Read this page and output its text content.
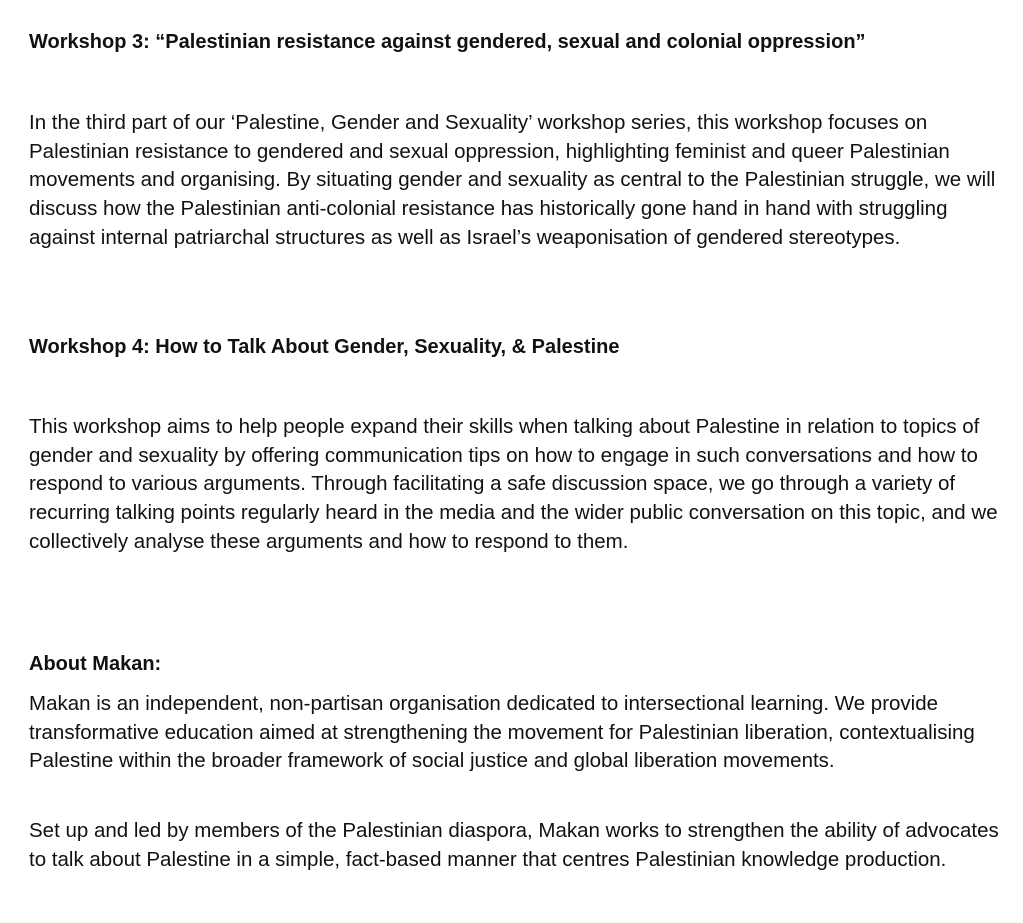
Workshop 3: “Palestinian resistance against gendered, sexual and colonial oppression”

In the third part of our ‘Palestine, Gender and Sexuality’ workshop series, this workshop focuses on Palestinian resistance to gendered and sexual oppression, highlighting feminist and queer Palestinian movements and organising. By situating gender and sexuality as central to the Palestinian struggle, we will discuss how the Palestinian anti-colonial resistance has historically gone hand in hand with struggling against internal patriarchal structures as well as Israel’s weaponisation of gendered stereotypes.

Workshop 4: How to Talk About Gender, Sexuality, & Palestine

This workshop aims to help people expand their skills when talking about Palestine in relation to topics of gender and sexuality by offering communication tips on how to engage in such conversations and how to respond to various arguments. Through facilitating a safe discussion space, we go through a variety of recurring talking points regularly heard in the media and the wider public conversation on this topic, and we collectively analyse these arguments and how to respond to them.

About Makan:

Makan is an independent, non-partisan organisation dedicated to intersectional learning. We provide transformative education aimed at strengthening the movement for Palestinian liberation, contextualising Palestine within the broader framework of social justice and global liberation movements.

Set up and led by members of the Palestinian diaspora, Makan works to strengthen the ability of advocates to talk about Palestine in a simple, fact-based manner that centres Palestinian knowledge production.
